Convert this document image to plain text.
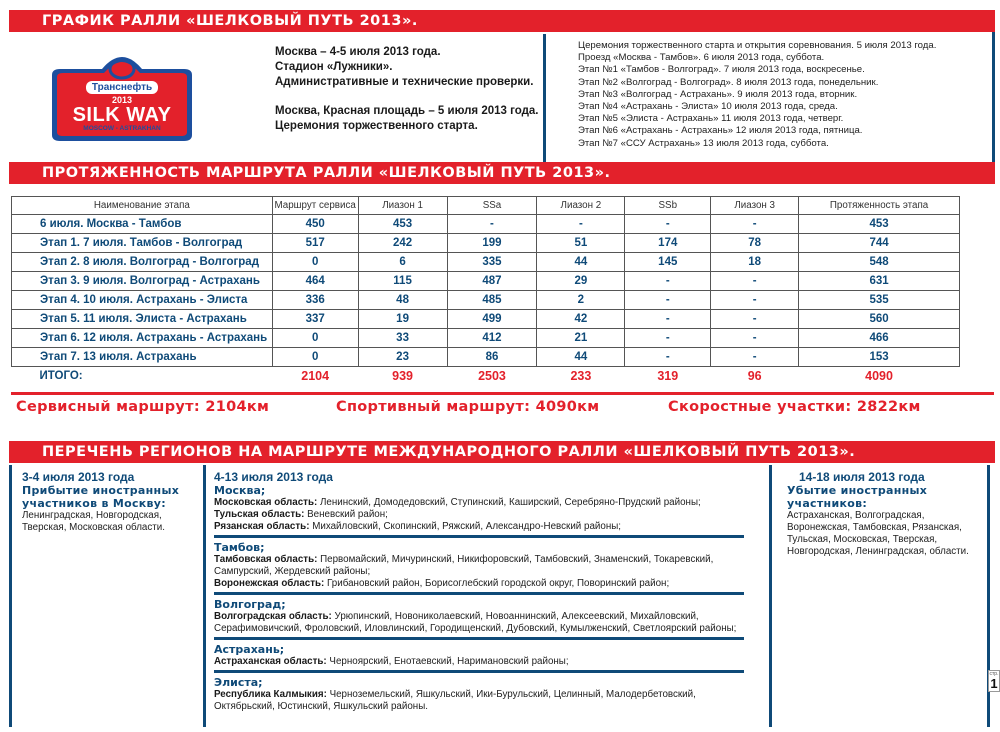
ГРАФИК РАЛЛИ «ШЕЛКОВЫЙ ПУТЬ 2013».
Транснефть
2013
SILK WAY
MOSCOW - ASTRAKHAN

Москва – 4-5 июля 2013 года.

Стадион «Лужники».

Административные и технические проверки.

Москва, Красная площадь – 5 июля 2013 года.

Церемония торжественного старта.

Церемония торжественного старта и открытия соревнования. 5 июля 2013 года.

Проезд «Москва - Тамбов». 6 июля 2013 года, суббота.

Этап №1 «Тамбов - Волгоград». 7 июля 2013 года, воскресенье.

Этап №2 «Волгоград - Волгоград». 8 июля 2013 года, понедельник.

Этап №3 «Волгоград - Астрахань». 9 июля 2013 года, вторник.

Этап №4 «Астрахань - Элиста» 10 июля 2013 года, среда.

Этап №5 «Элиста - Астрахань» 11 июля 2013 года, четверг.

Этап №6 «Астрахань - Астрахань» 12 июля 2013 года, пятница.

Этап №7 «ССУ Астрахань» 13 июля 2013 года, суббота.

ПРОТЯЖЕННОСТЬ МАРШРУТА РАЛЛИ «ШЕЛКОВЫЙ ПУТЬ 2013».
Наименование этапа	Маршрут сервиса	Лиазон 1	SSa	Лиазон 2	SSb	Лиазон 3	Протяженность этапа
6 июля. Москва - Тамбов	450	453	-	-	-	-	453
Этап 1. 7 июля. Тамбов - Волгоград	517	242	199	51	174	78	744
Этап 2. 8 июля. Волгоград - Волгоград	0	6	335	44	145	18	548
Этап 3. 9 июля. Волгоград - Астрахань	464	115	487	29	-	-	631
Этап 4. 10 июля. Астрахань - Элиста	336	48	485	2	-	-	535
Этап 5. 11 июля. Элиста - Астрахань	337	19	499	42	-	-	560
Этап 6. 12 июля. Астрахань - Астрахань	0	33	412	21	-	-	466
Этап 7. 13 июля. Астрахань	0	23	86	44	-	-	153
ИТОГО:	2104	939	2503	233	319	96	4090
Сервисный маршрут: 2104км	Спортивный маршрут: 4090км	Скоростные участки: 2822км
ПЕРЕЧЕНЬ РЕГИОНОВ НА МАРШРУТЕ МЕЖДУНАРОДНОГО РАЛЛИ «ШЕЛКОВЫЙ ПУТЬ 2013».
3-4 июля 2013 года
Прибытие иностранных участников в Москву:
Ленинградская, Новгородская, Тверская, Московская области.
4-13 июля 2013 года
Москва;
Московская область: Ленинский, Домодедовский, Ступинский, Каширский, Серебряно-Прудский районы;
Тульская область: Веневский район;
Рязанская область: Михайловский, Скопинский, Ряжский, Александро-Невский районы;
Тамбов;
Тамбовская область: Первомайский, Мичуринский, Никифоровский, Тамбовский, Знаменский, Токаревский, Сампурский, Жердевский районы;
Воронежская область: Грибановский район, Борисоглебский городской округ, Поворинский район;
Волгоград;
Волгоградская область: Урюпинский, Новониколаевский, Новоаннинский, Алексеевский, Михайловский, Серафимовичский, Фроловский, Иловлинский, Городищенский, Дубовский, Кумылженский, Светлоярский районы;
Астрахань;
Астраханская область: Черноярский, Енотаевский, Наримановский районы;
Элиста;
Республика Калмыкия: Черноземельский, Яшкульский, Ики-Бурульский, Целинный, Малодербетовский, Октябрьский, Юстинский, Яшкульский районы.
14-18 июля 2013 года
Убытие иностранных участников:
Астраханская, Волгоградская, Воронежская, Тамбовская, Рязанская, Тульская, Московская, Тверская, Новгородская, Ленинградская, области.
стр.
1
